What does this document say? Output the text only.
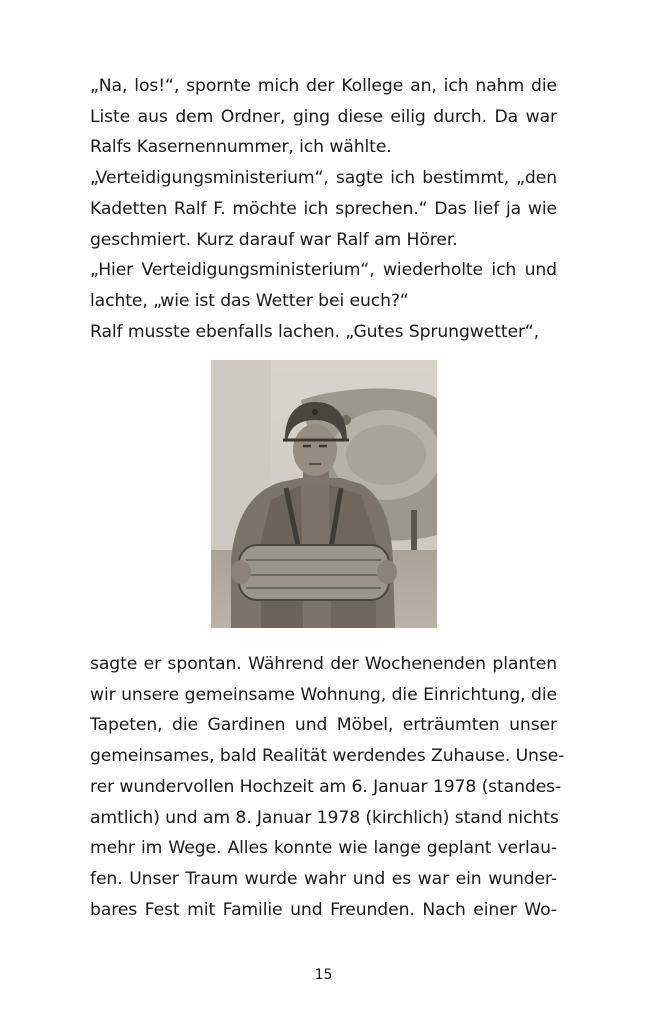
„Na, los!“, spornte mich der Kollege an, ich nahm die
Liste aus dem Ordner, ging diese eilig durch. Da war
Ralfs Kasernennummer, ich wählte.
„Verteidigungsministerium“, sagte ich bestimmt, „den
Kadetten Ralf F. möchte ich sprechen.“ Das lief ja wie
geschmiert. Kurz darauf war Ralf am Hörer.
„Hier Verteidigungsministerium“, wiederholte ich und
lachte, „wie ist das Wetter bei euch?“
Ralf musste ebenfalls lachen. „Gutes Sprungwetter“,
sagte er spontan. Während der Wochenenden planten
wir unsere gemeinsame Wohnung, die Einrichtung, die
Tapeten, die Gardinen und Möbel, erträumten unser
gemeinsames, bald Realität werdendes Zuhause. Unse-
rer wundervollen Hochzeit am 6. Januar 1978 (standes-
amtlich) und am 8. Januar 1978 (kirchlich) stand nichts
mehr im Wege. Alles konnte wie lange geplant verlau-
fen. Unser Traum wurde wahr und es war ein wunder-
bares Fest mit Familie und Freunden. Nach einer Wo-
15
